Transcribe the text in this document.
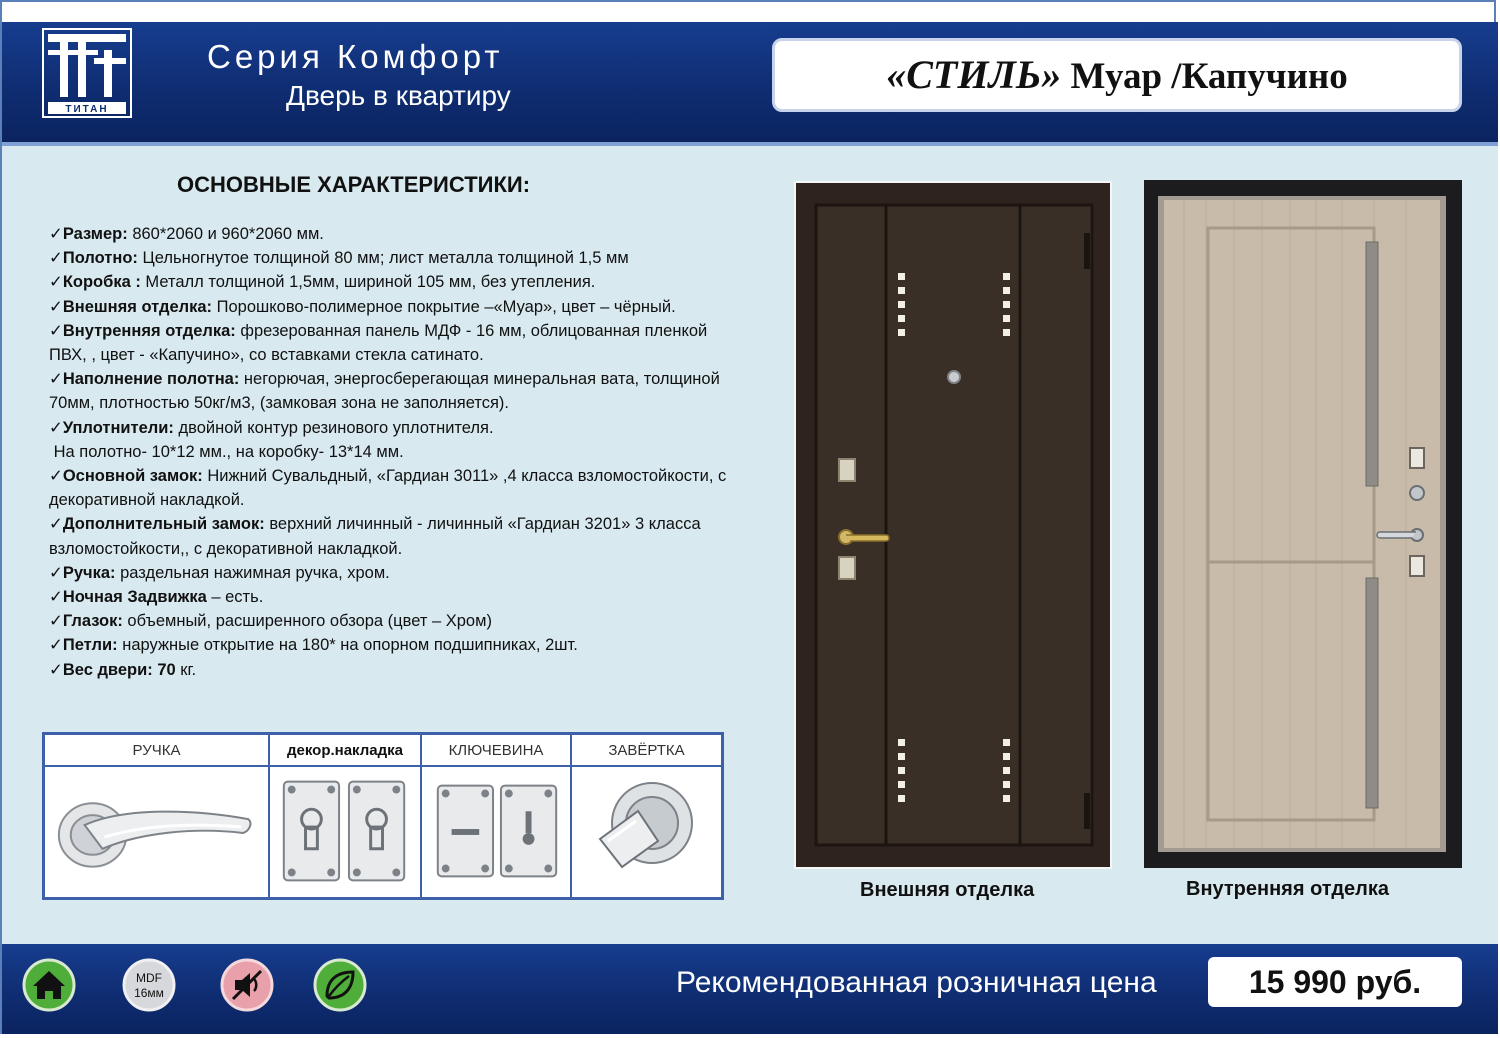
ТИТАН
Серия Комфорт
Дверь в квартиру	«СТИЛЬ» Муар /Капучино
ОСНОВНЫЕ ХАРАКТЕРИСТИКИ:
✓Размер: 860*2060 и 960*2060 мм.
✓Полотно: Цельногнутое толщиной 80 мм; лист металла толщиной 1,5 мм
✓Коробка : Металл толщиной 1,5мм, шириной 105 мм, без утепления.
✓Внешняя отделка: Порошково-полимерное покрытие –«Муар», цвет – чёрный.
✓Внутренняя отделка: фрезерованная панель МДФ - 16 мм, облицованная пленкой ПВХ, , цвет - «Капучино», со вставками стекла сатинато.
✓Наполнение полотна: негорючая, энергосберегающая минеральная вата, толщиной 70мм, плотностью 50кг/м3, (замковая зона не заполняется).
✓Уплотнители: двойной контур резинового уплотнителя.
На полотно- 10*12 мм., на коробку- 13*14 мм.
✓Основной замок: Нижний Сувальдный, «Гардиан 3011» ,4 класса взломостойкости, с декоративной накладкой.
✓Дополнительный замок: верхний личинный - личинный «Гардиан 3201» 3 класса взломостойкости,, с декоративной накладкой.
✓Ручка: раздельная нажимная ручка, хром.
✓Ночная Задвижка – есть.
✓Глазок: объемный, расширенного обзора (цвет – Хром)
✓Петли: наружные открытие на 180* на опорном подшипниках, 2шт.
✓Вес двери: 70 кг.
РУЧКА	декор.накладка	КЛЮЧЕВИНА	ЗАВЁРТКА
Внешняя отделка	Внутренняя отделка
MDF
16мм	Рекомендованная розничная цена	15 990 руб.
